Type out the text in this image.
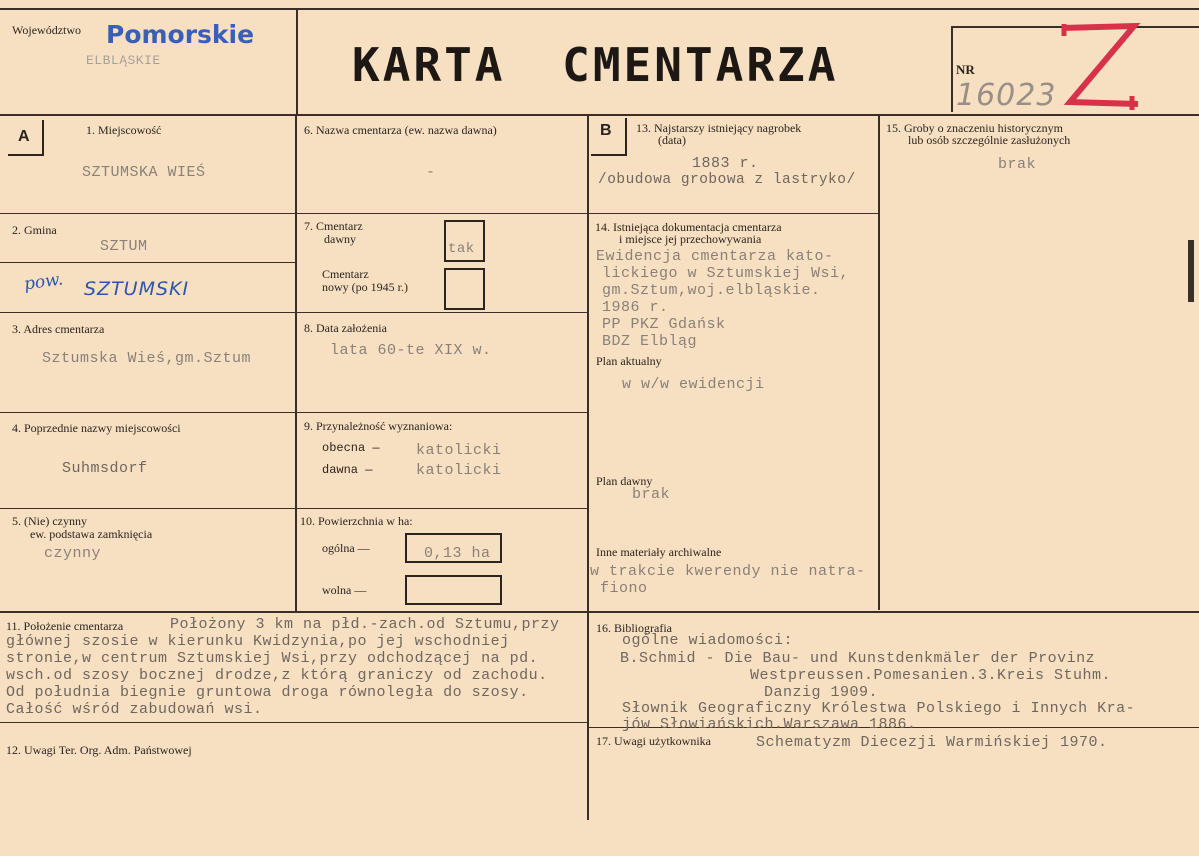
Województwo Pomorskie
ELBLĄSKIE	KARTA CMENTARZA	NR
16023
A	1. Miejscowość
SZTUMSKA WIEŚ
2. Gmina
SZTUM
pow. SZTUMSKI
3. Adres cmentarza
Sztumska Wieś,gm.Sztum
4. Poprzednie nazwy miejscowości
Suhmsdorf
5. (Nie) czynny
ew. podstawa zamknięcia
czynny
6. Nazwa cmentarza (ew. nazwa dawna)
-
7. Cmentarz
dawny
tak
Cmentarz
nowy (po 1945 r.)
8. Data założenia
lata 60-te XIX w.
9. Przynależność wyznaniowa:
obecna — katolicki
dawna —	katolicki
10. Powierzchnia w ha:
ogólna —	0,13 ha
wolna —
B 13. Najstarszy istniejący nagrobek
(data)
1883 r.
/obudowa grobowa z lastryko/
14. Istniejąca dokumentacja cmentarza
i miejsce jej przechowywania
Ewidencja cmentarza kato-
lickiego w Sztumskiej Wsi,
gm.Sztum,woj.elbląskie.
1986 r.
PP PKZ Gdańsk
BDZ Elbląg
Plan aktualny
w w/w ewidencji
Plan dawny
brak
Inne materiały archiwalne
w trakcie kwerendy nie natra-
fiono
15. Groby o znaczeniu historycznym
lub osób szczególnie zasłużonych
brak
11. Położenie cmentarza	Położony 3 km na płd.-zach.od Sztumu,przy
głównej szosie w kierunku Kwidzynia,po jej wschodniej
stronie,w centrum Sztumskiej Wsi,przy odchodzącej na pd.
wsch.od szosy bocznej drodze,z którą graniczy od zachodu.
Od południa biegnie gruntowa droga równoległa do szosy.
Całość wśród zabudowań wsi.
12. Uwagi Ter. Org. Adm. Państwowej
16. Bibliografia
ogólne wiadomości:
B.Schmid - Die Bau- und Kunstdenkmäler der Provinz
Westpreussen.Pomesanien.3.Kreis Stuhm.
Danzig 1909.
Słownik Geograficzny Królestwa Polskiego i Innych Kra-
jów Słowiańskich.Warszawa 1886.
17. Uwagi użytkownika	Schematyzm Diecezji Warmińskiej 1970.
